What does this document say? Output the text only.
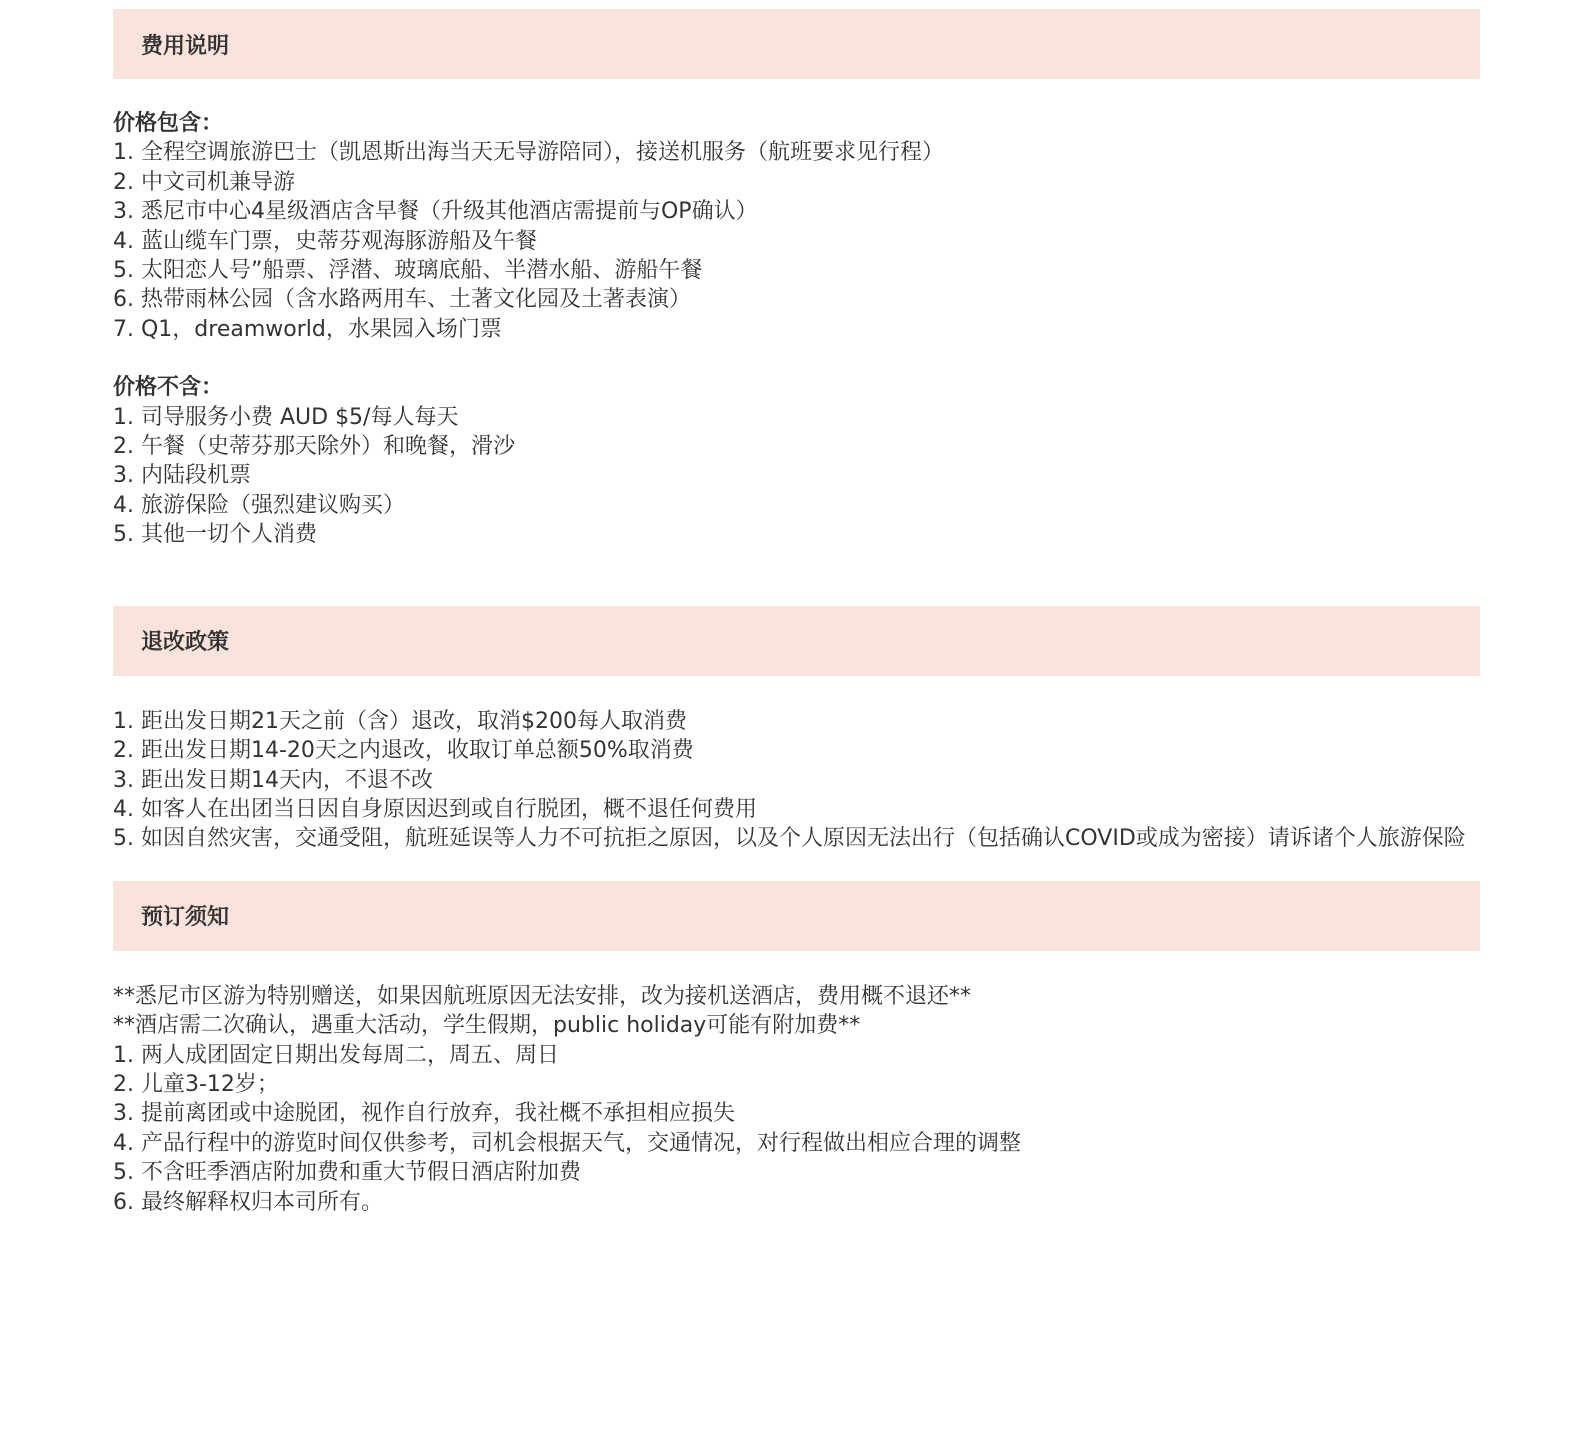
费用说明
价格包含：
1. 全程空调旅游巴士（凯恩斯出海当天无导游陪同），接送机服务（航班要求见行程）
2. 中文司机兼导游
3. 悉尼市中心4星级酒店含早餐（升级其他酒店需提前与OP确认）
4. 蓝山缆车门票，史蒂芬观海豚游船及午餐
5. 太阳恋人号”船票、浮潜、玻璃底船、半潜水船、游船午餐
6. 热带雨林公园（含水路两用车、土著文化园及土著表演）
7. Q1，dreamworld，水果园入场门票
价格不含：
1. 司导服务小费 AUD $5/每人每天
2. 午餐（史蒂芬那天除外）和晚餐，滑沙
3. 内陆段机票
4. 旅游保险（强烈建议购买）
5. 其他一切个人消费
退改政策
1. 距出发日期21天之前（含）退改，取消$200每人取消费
2. 距出发日期14-20天之内退改，收取订单总额50%取消费
3. 距出发日期14天内，不退不改
4. 如客人在出团当日因自身原因迟到或自行脱团，概不退任何费用
5. 如因自然灾害，交通受阻，航班延误等人力不可抗拒之原因，以及个人原因无法出行（包括确认COVID或成为密接）请诉诸个人旅游保险
预订须知
**悉尼市区游为特别赠送，如果因航班原因无法安排，改为接机送酒店，费用概不退还**
**酒店需二次确认，遇重大活动，学生假期，public holiday可能有附加费**
1. 两人成团固定日期出发每周二，周五、周日
2. 儿童3-12岁；
3. 提前离团或中途脱团，视作自行放弃，我社概不承担相应损失
4. 产品行程中的游览时间仅供参考，司机会根据天气，交通情况，对行程做出相应合理的调整
5. 不含旺季酒店附加费和重大节假日酒店附加费
6. 最终解释权归本司所有。
